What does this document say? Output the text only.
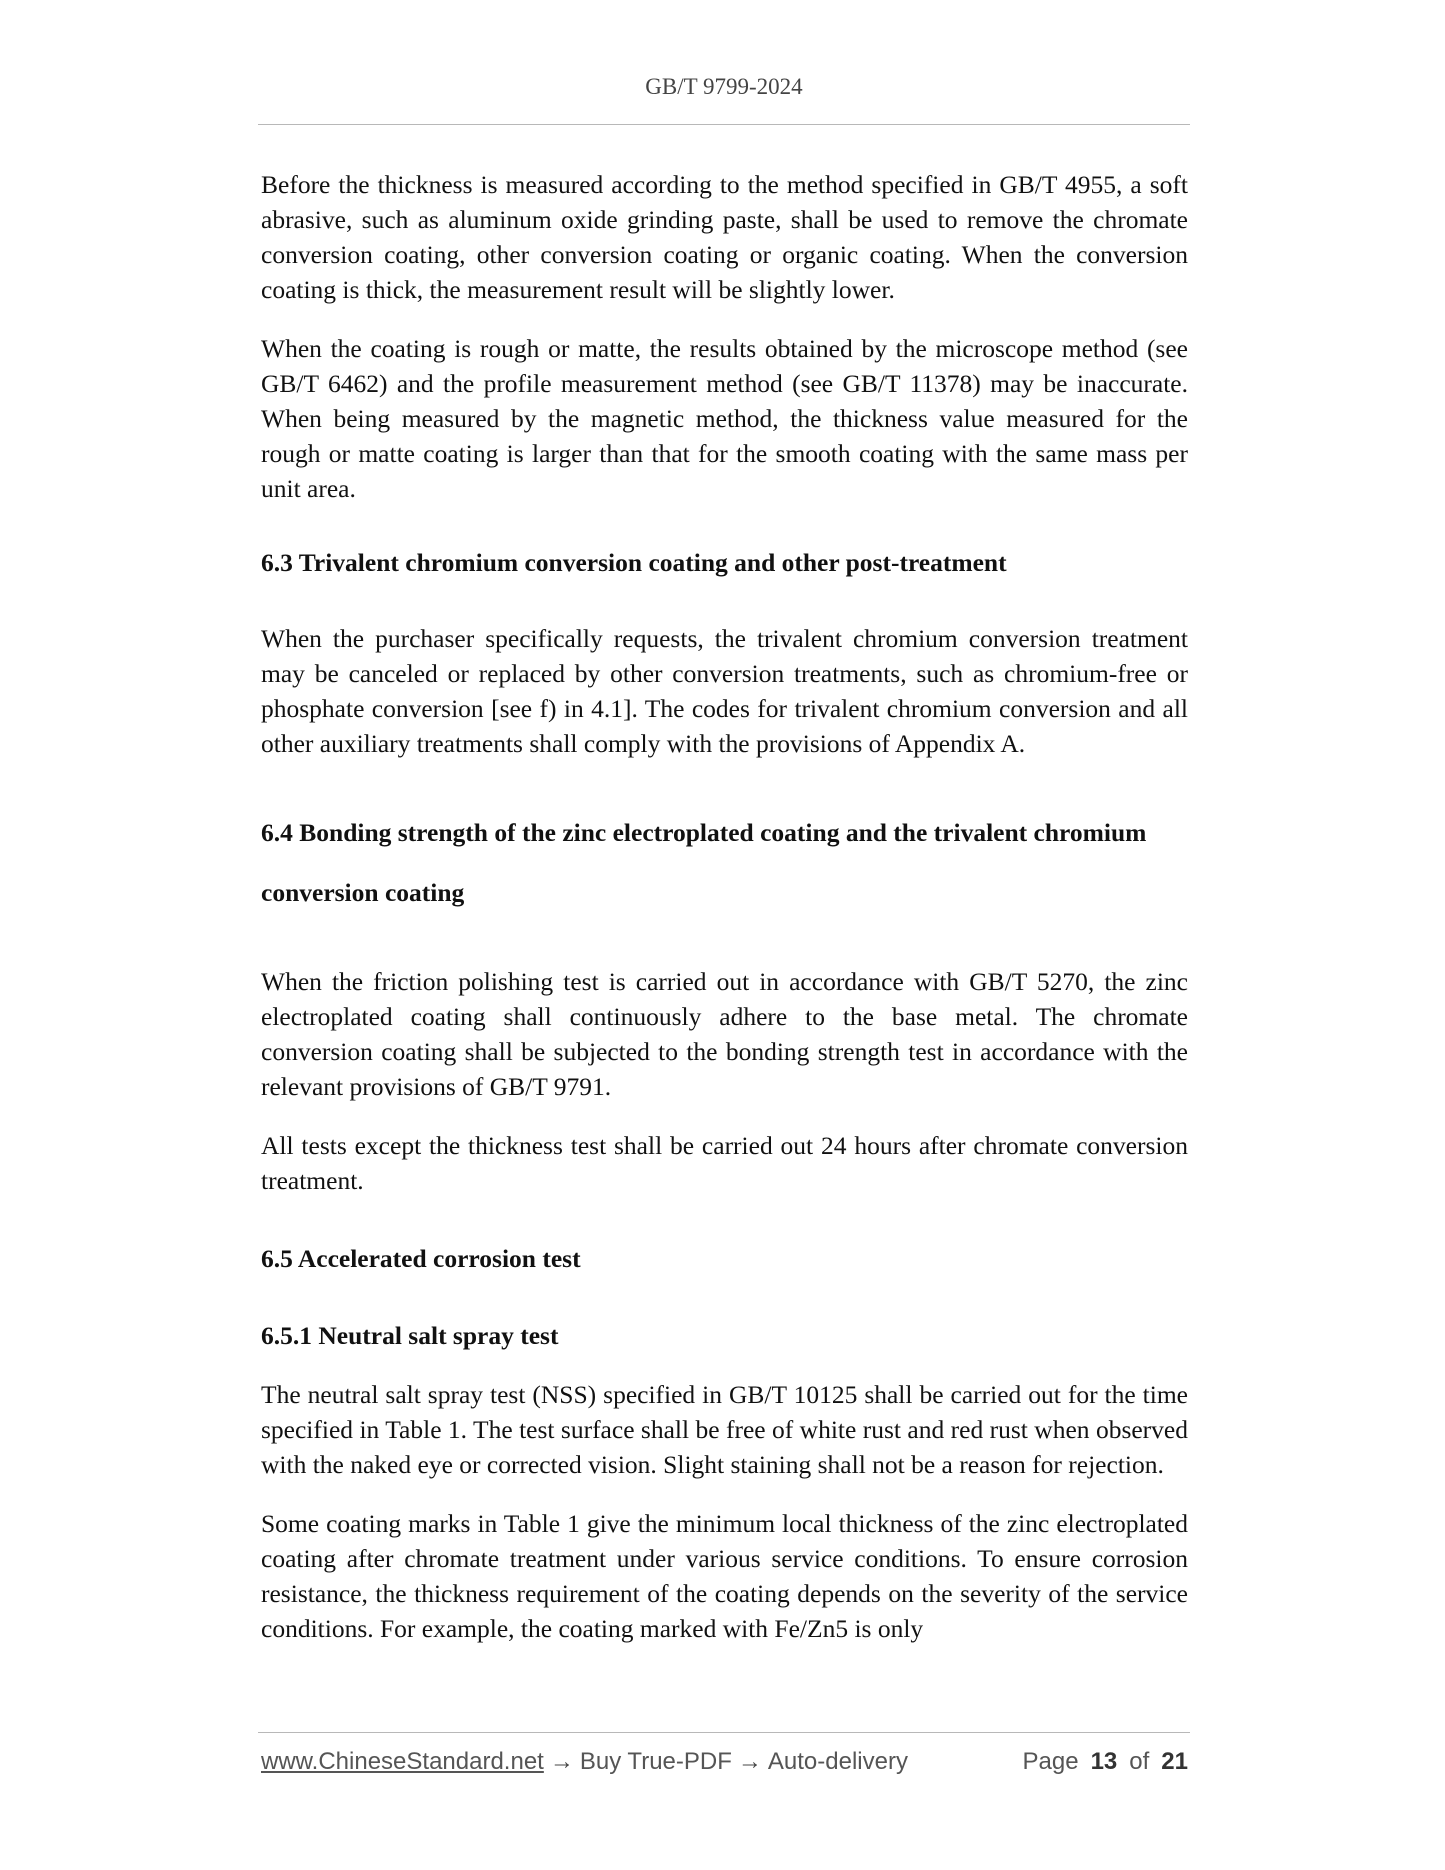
GB/T 9799-2024

Before the thickness is measured according to the method specified in GB/T 4955, a soft abrasive, such as aluminum oxide grinding paste, shall be used to remove the chromate conversion coating, other conversion coating or organic coating. When the conversion coating is thick, the measurement result will be slightly lower.

When the coating is rough or matte, the results obtained by the microscope method (see GB/T 6462) and the profile measurement method (see GB/T 11378) may be inaccurate. When being measured by the magnetic method, the thickness value measured for the rough or matte coating is larger than that for the smooth coating with the same mass per unit area.

6.3 Trivalent chromium conversion coating and other post-treatment

When the purchaser specifically requests, the trivalent chromium conversion treatment may be canceled or replaced by other conversion treatments, such as chromium-free or phosphate conversion [see f) in 4.1]. The codes for trivalent chromium conversion and all other auxiliary treatments shall comply with the provisions of Appendix A.

6.4 Bonding strength of the zinc electroplated coating and the trivalent chromium conversion coating

When the friction polishing test is carried out in accordance with GB/T 5270, the zinc electroplated coating shall continuously adhere to the base metal. The chromate conversion coating shall be subjected to the bonding strength test in accordance with the relevant provisions of GB/T 9791.

All tests except the thickness test shall be carried out 24 hours after chromate conversion treatment.

6.5 Accelerated corrosion test
6.5.1 Neutral salt spray test

The neutral salt spray test (NSS) specified in GB/T 10125 shall be carried out for the time specified in Table 1. The test surface shall be free of white rust and red rust when observed with the naked eye or corrected vision. Slight staining shall not be a reason for rejection.

Some coating marks in Table 1 give the minimum local thickness of the zinc electroplated coating after chromate treatment under various service conditions. To ensure corrosion resistance, the thickness requirement of the coating depends on the severity of the service conditions. For example, the coating marked with Fe/Zn5 is only

www.ChineseStandard.net → Buy True-PDF → Auto-delivery	Page 13 of 21
